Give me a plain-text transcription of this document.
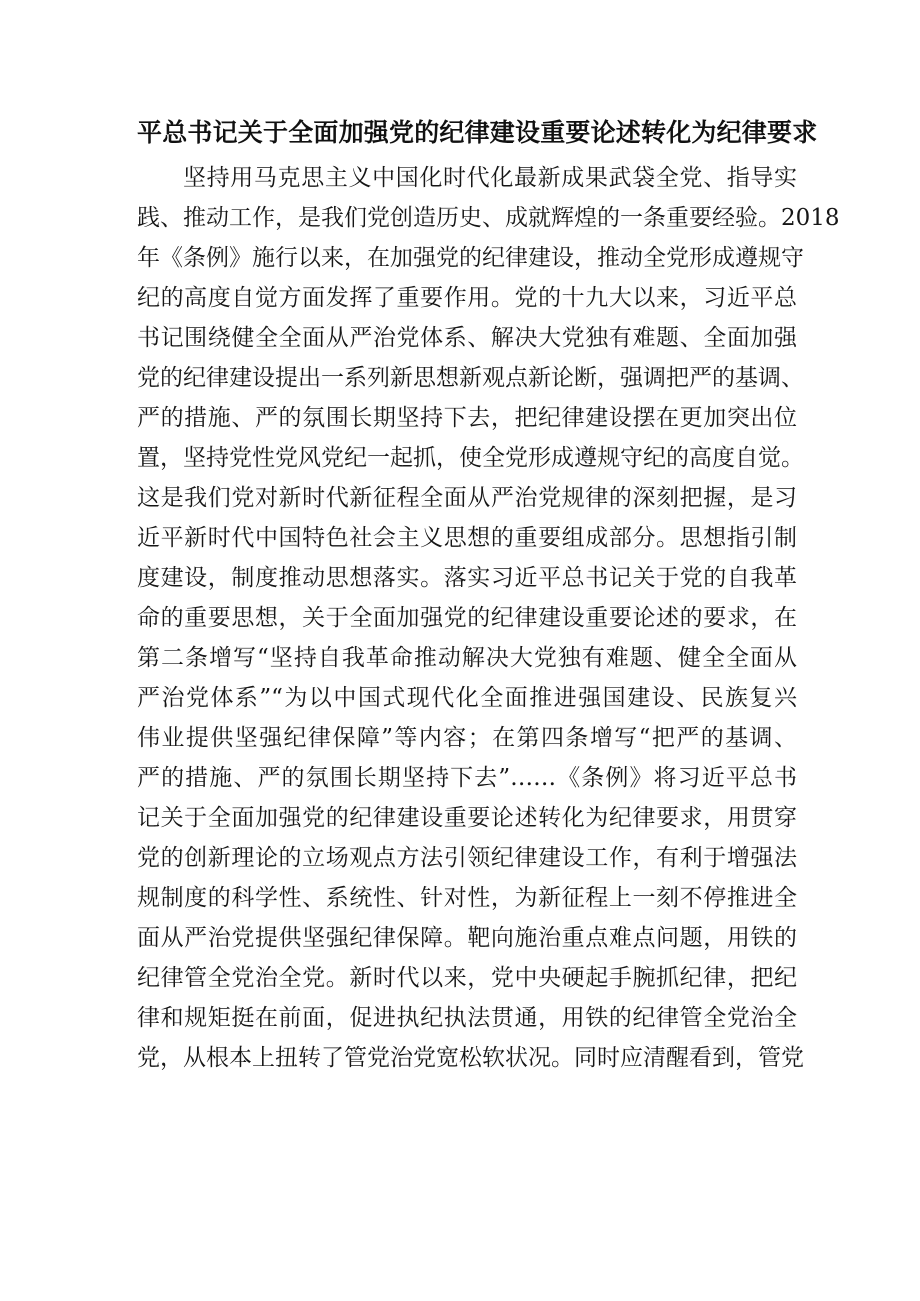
平总书记关于全面加强党的纪律建设重要论述转化为纪律要求
坚持用马克思主义中国化时代化最新成果武袋全党、指导实
践、推动工作，是我们党创造历史、成就辉煌的一条重要经验。2018
年《条例》施行以来，在加强党的纪律建设，推动全党形成遵规守
纪的高度自觉方面发挥了重要作用。党的十九大以来，习近平总
书记围绕健全全面从严治党体系、解决大党独有难题、全面加强
党的纪律建设提出一系列新思想新观点新论断，强调把严的基调、
严的措施、严的氛围长期坚持下去，把纪律建设摆在更加突出位
置，坚持党性党风党纪一起抓，使全党形成遵规守纪的高度自觉。
这是我们党对新时代新征程全面从严治党规律的深刻把握，是习
近平新时代中国特色社会主义思想的重要组成部分。思想指引制
度建设，制度推动思想落实。落实习近平总书记关于党的自我革
命的重要思想，关于全面加强党的纪律建设重要论述的要求，在
第二条增写“坚持自我革命推动解决大党独有难题、健全全面从
严治党体系”“为以中国式现代化全面推进强国建设、民族复兴
伟业提供坚强纪律保障”等内容；在第四条增写“把严的基调、
严的措施、严的氛围长期坚持下去”……《条例》将习近平总书
记关于全面加强党的纪律建设重要论述转化为纪律要求，用贯穿
党的创新理论的立场观点方法引领纪律建设工作，有利于增强法
规制度的科学性、系统性、针对性，为新征程上一刻不停推进全
面从严治党提供坚强纪律保障。靶向施治重点难点问题，用铁的
纪律管全党治全党。新时代以来，党中央硬起手腕抓纪律，把纪
律和规矩挺在前面，促进执纪执法贯通，用铁的纪律管全党治全
党，从根本上扭转了管党治党宽松软状况。同时应清醒看到，管党
